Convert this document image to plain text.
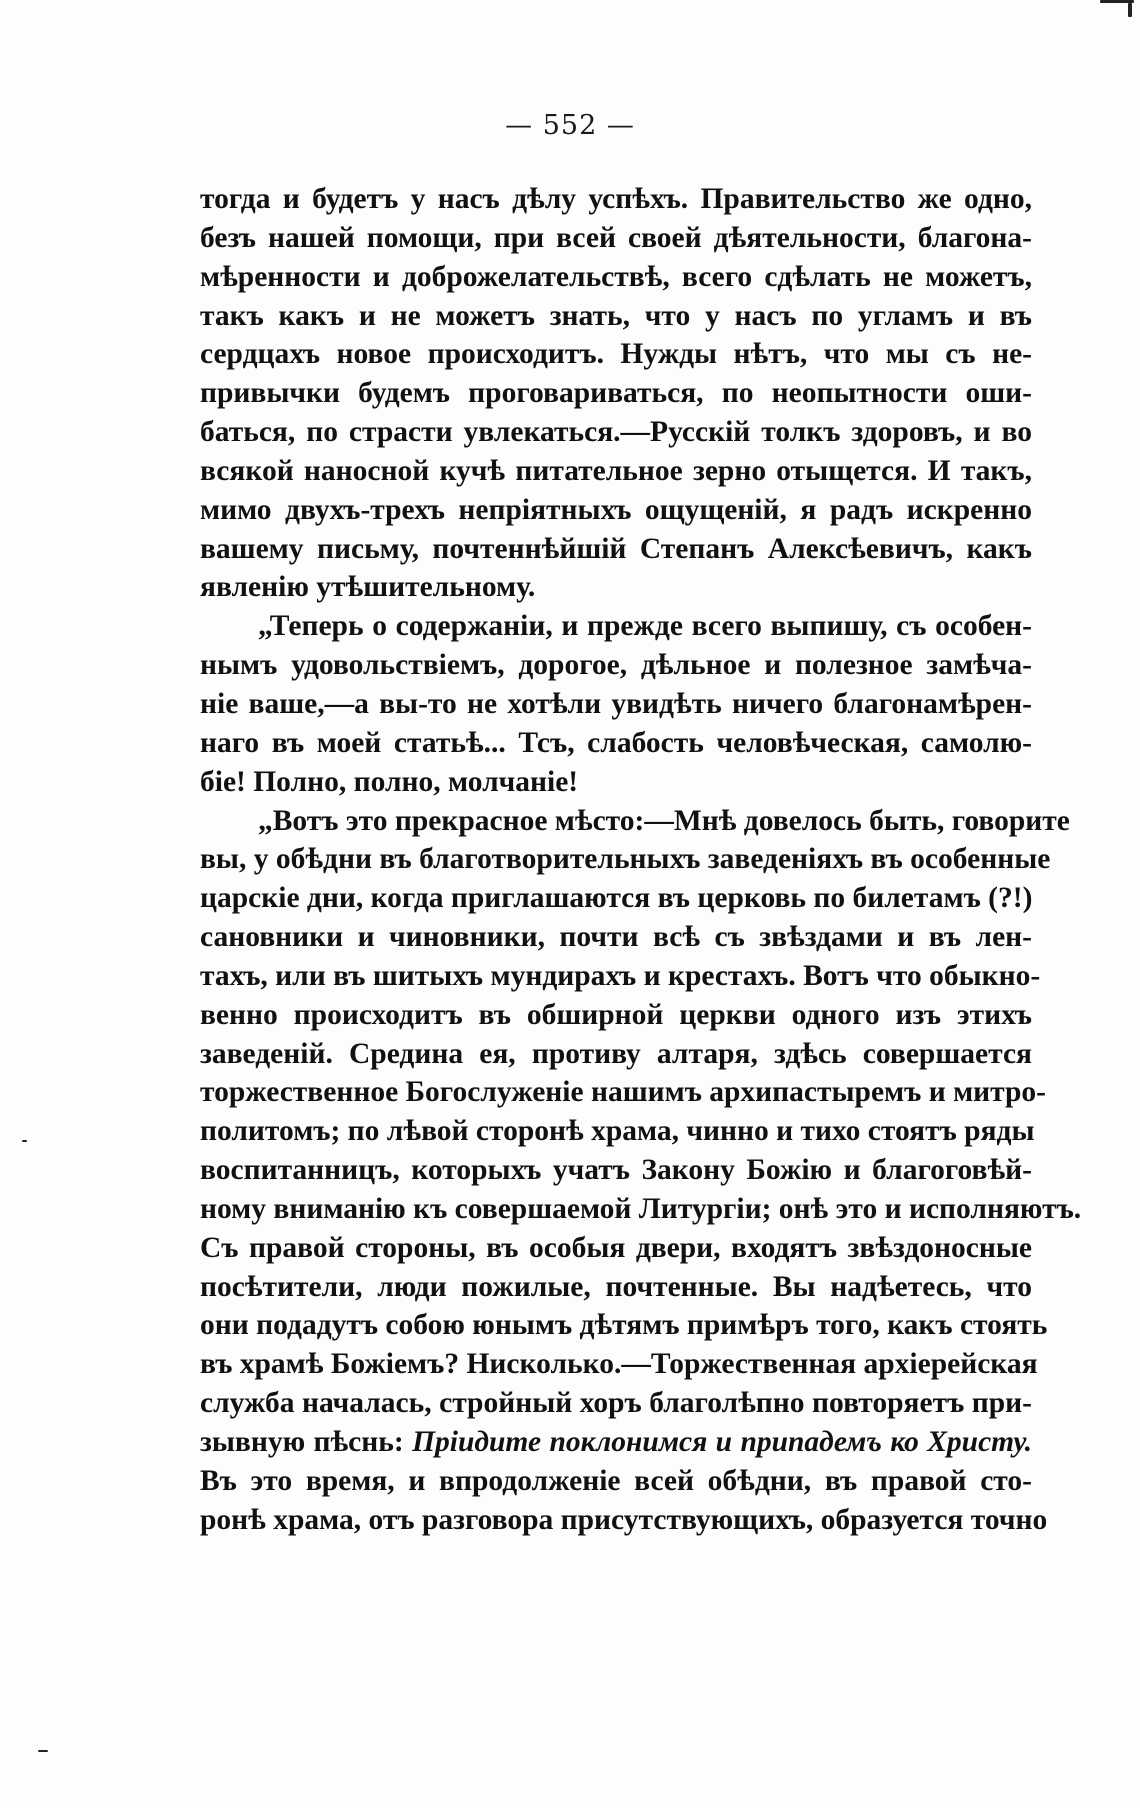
— 552 —
тогда и будетъ у насъ дѣлу успѣхъ. Правительство же одно,
безъ нашей помощи, при всей своей дѣятельности, благона-
мѣренности и доброжелательствѣ, всего сдѣлать не можетъ,
такъ какъ и не можетъ знать, что у насъ по угламъ и въ
сердцахъ новое происходитъ. Нужды нѣтъ, что мы съ не-
привычки будемъ проговариваться, по неопытности оши-
баться, по страсти увлекаться.—Русскій толкъ здоровъ, и во
всякой наносной кучѣ питательное зерно отыщется. И такъ,
мимо двухъ-трехъ непріятныхъ ощущеній, я радъ искренно
вашему письму, почтеннѣйшій Степанъ Алексѣевичъ, какъ
явленію утѣшительному.
„Теперь о содержаніи, и прежде всего выпишу, съ особен-
нымъ удовольствіемъ, дорогое, дѣльное и полезное замѣча-
ніе ваше,—а вы-то не хотѣли увидѣть ничего благонамѣрен-
наго въ моей статьѣ... Тсъ, слабость человѣческая, самолю-
біе! Полно, полно, молчаніе!
„Вотъ это прекрасное мѣсто:—Мнѣ довелось быть, говорите
вы, у обѣдни въ благотворительныхъ заведеніяхъ въ особенные
царскіе дни, когда приглашаются въ церковь по билетамъ (?!)
сановники и чиновники, почти всѣ съ звѣздами и въ лен-
тахъ, или въ шитыхъ мундирахъ и крестахъ. Вотъ что обыкно-
венно происходитъ въ обширной церкви одного изъ этихъ
заведеній. Средина ея, противу алтаря, здѣсь совершается
торжественное Богослуженіе нашимъ архипастыремъ и митро-
политомъ; по лѣвой сторонѣ храма, чинно и тихо стоятъ ряды
воспитанницъ, которыхъ учатъ Закону Божію и благоговѣй-
ному вниманію къ совершаемой Литургіи; онѣ это и исполняютъ.
Съ правой стороны, въ особыя двери, входятъ звѣздоносные
посѣтители, люди пожилые, почтенные. Вы надѣетесь, что
они подадутъ собою юнымъ дѣтямъ примѣръ того, какъ стоять
въ храмѣ Божіемъ? Нисколько.—Торжественная архіерейская
служба началась, стройный хоръ благолѣпно повторяетъ при-
зывную пѣснь: Пріидите поклонимся и припадемъ ко Христу.
Въ это время, и впродолженіе всей обѣдни, въ правой сто-
ронѣ храма, отъ разговора присутствующихъ, образуется точно
